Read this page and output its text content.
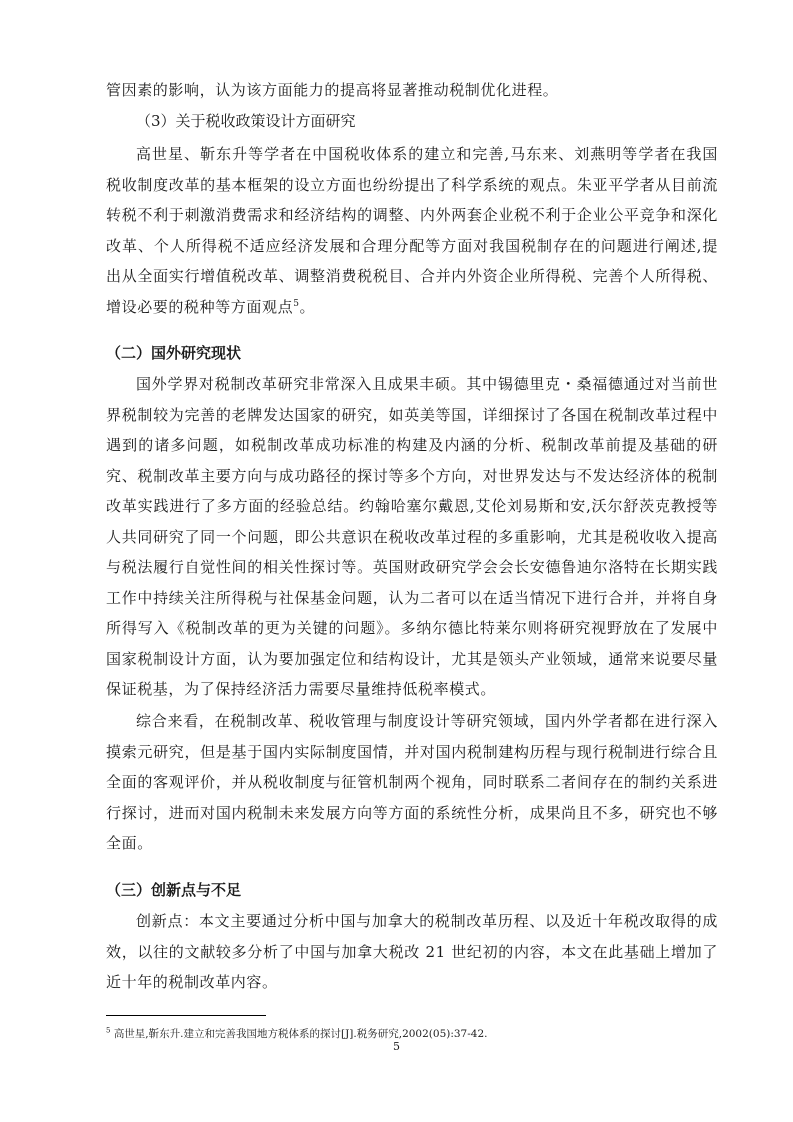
管因素的影响，认为该方面能力的提高将显著推动税制优化进程。

（3）关于税收政策设计方面研究

高世星、靳东升等学者在中国税收体系的建立和完善,马东来、刘燕明等学者在我国税收制度改革的基本框架的设立方面也纷纷提出了科学系统的观点。朱亚平学者从目前流转税不利于刺激消费需求和经济结构的调整、内外两套企业税不利于企业公平竞争和深化改革、个人所得税不适应经济发展和合理分配等方面对我国税制存在的问题进行阐述,提出从全面实行增值税改革、调整消费税税目、合并内外资企业所得税、完善个人所得税、增设必要的税种等方面观点$^5$。

（二）国外研究现状

国外学界对税制改革研究非常深入且成果丰硕。其中锡德里克・桑福德通过对当前世界税制较为完善的老牌发达国家的研究，如英美等国，详细探讨了各国在税制改革过程中遇到的诸多问题，如税制改革成功标准的构建及内涵的分析、税制改革前提及基础的研究、税制改革主要方向与成功路径的探讨等多个方向，对世界发达与不发达经济体的税制改革实践进行了多方面的经验总结。约翰哈塞尔戴恩,艾伦刘易斯和安,沃尔舒茨克教授等人共同研究了同一个问题，即公共意识在税收改革过程的多重影响，尤其是税收收入提高与税法履行自觉性间的相关性探讨等。英国财政研究学会会长安德鲁迪尔洛特在长期实践工作中持续关注所得税与社保基金问题，认为二者可以在适当情况下进行合并，并将自身所得写入《税制改革的更为关键的问题》。多纳尔德比特莱尔则将研究视野放在了发展中国家税制设计方面，认为要加强定位和结构设计，尤其是领头产业领域，通常来说要尽量保证税基，为了保持经济活力需要尽量维持低税率模式。

综合来看，在税制改革、税收管理与制度设计等研究领域，国内外学者都在进行深入摸索元研究，但是基于国内实际制度国情，并对国内税制建构历程与现行税制进行综合且全面的客观评价，并从税收制度与征管机制两个视角，同时联系二者间存在的制约关系进行探讨，进而对国内税制未来发展方向等方面的系统性分析，成果尚且不多，研究也不够全面。

（三）创新点与不足

创新点：本文主要通过分析中国与加拿大的税制改革历程、以及近十年税改取得的成效，以往的文献较多分析了中国与加拿大税改 21 世纪初的内容，本文在此基础上增加了近十年的税制改革内容。

$^5$ 高世星,靳东升.建立和完善我国地方税体系的探讨[J].税务研究,2002(05):37-42.

5
